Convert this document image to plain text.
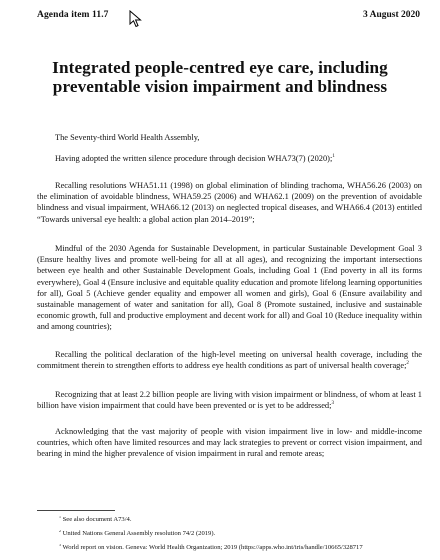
Agenda item 11.7	3 August 2020
Integrated people-centred eye care, including
preventable vision impairment and blindness

The Seventy-third World Health Assembly,

Having adopted the written silence procedure through decision WHA73(7) (2020);$^1$

Recalling resolutions WHA51.11 (1998) on global elimination of blinding trachoma, WHA56.26 (2003) on the elimination of avoidable blindness, WHA59.25 (2006) and WHA62.1 (2009) on the prevention of avoidable blindness and visual impairment, WHA66.12 (2013) on neglected tropical diseases, and WHA66.4 (2013) entitled “Towards universal eye health: a global action plan 2014–2019”;

Mindful of the 2030 Agenda for Sustainable Development, in particular Sustainable Development Goal 3 (Ensure healthy lives and promote well-being for all at all ages), and recognizing the important intersections between eye health and other Sustainable Development Goals, including Goal 1 (End poverty in all its forms everywhere), Goal 4 (Ensure inclusive and equitable quality education and promote lifelong learning opportunities for all), Goal 5 (Achieve gender equality and empower all women and girls), Goal 6 (Ensure availability and sustainable management of water and sanitation for all), Goal 8 (Promote sustained, inclusive and sustainable economic growth, full and productive employment and decent work for all) and Goal 10 (Reduce inequality within and among countries);

Recalling the political declaration of the high-level meeting on universal health coverage, including the commitment therein to strengthen efforts to address eye health conditions as part of universal health coverage;$^2$

Recognizing that at least 2.2 billion people are living with vision impairment or blindness, of whom at least 1 billion have vision impairment that could have been prevented or is yet to be addressed;$^3$

Acknowledging that the vast majority of people with vision impairment live in low- and middle-income countries, which often have limited resources and may lack strategies to prevent or correct vision impairment, and bearing in mind the higher prevalence of vision impairment in rural and remote areas;

$^1$ See also document A73/4.

$^2$ United Nations General Assembly resolution 74/2 (2019).

$^3$ World report on vision. Geneva: World Health Organization; 2019 (https://apps.who.int/iris/handle/10665/328717
